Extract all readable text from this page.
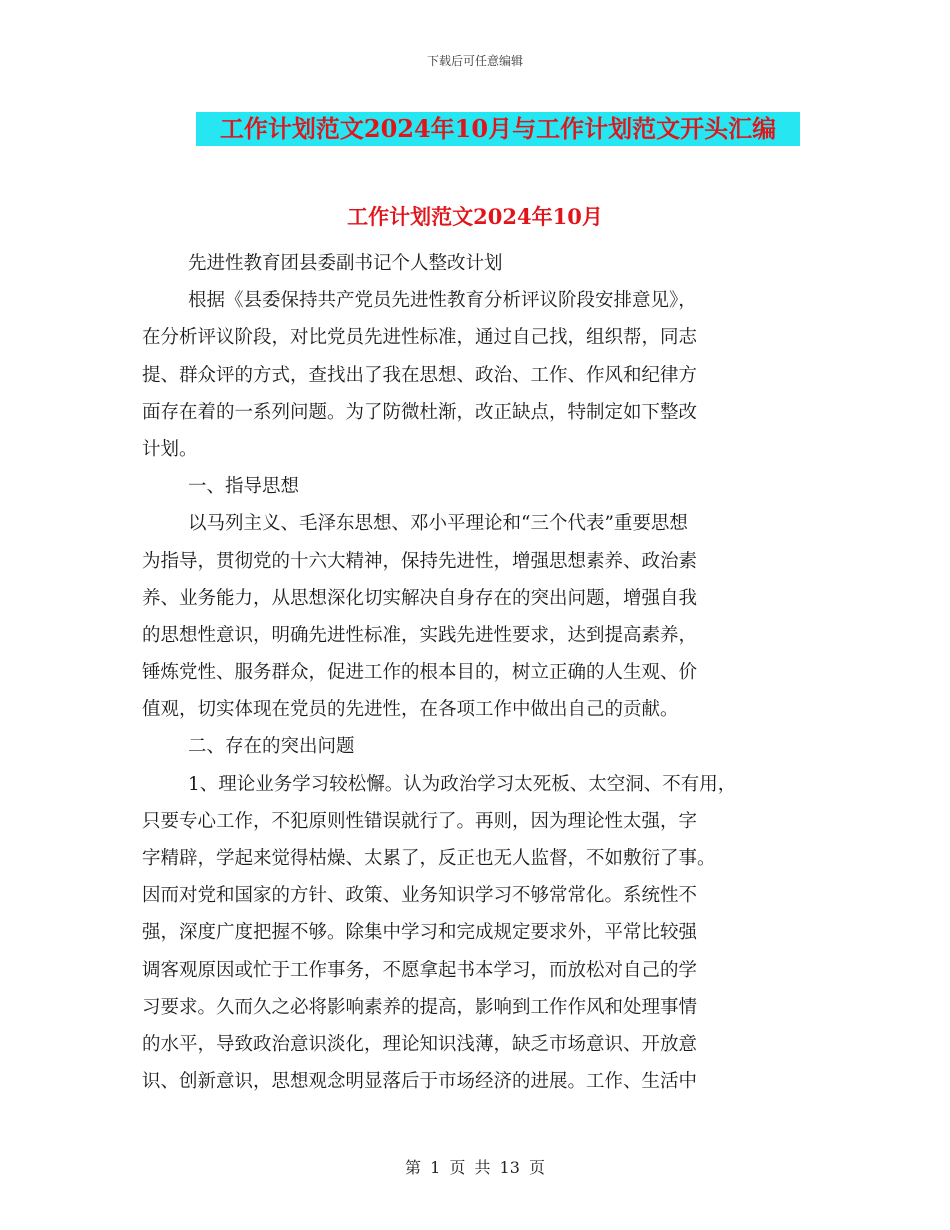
下载后可任意编辑
工作计划范文2024年10月与工作计划范文开头汇编
工作计划范文2024年10月
先进性教育团县委副书记个人整改计划
根据《县委保持共产党员先进性教育分析评议阶段安排意见》，
在分析评议阶段，对比党员先进性标准，通过自己找，组织帮，同志
提、群众评的方式，查找出了我在思想、政治、工作、作风和纪律方
面存在着的一系列问题。为了防微杜渐，改正缺点，特制定如下整改
计划。
一、指导思想
以马列主义、毛泽东思想、邓小平理论和“三个代表”重要思想
为指导，贯彻党的十六大精神，保持先进性，增强思想素养、政治素
养、业务能力，从思想深化切实解决自身存在的突出问题，增强自我
的思想性意识，明确先进性标准，实践先进性要求，达到提高素养，
锤炼党性、服务群众，促进工作的根本目的，树立正确的人生观、价
值观，切实体现在党员的先进性，在各项工作中做出自己的贡献。
二、存在的突出问题
1、理论业务学习较松懈。认为政治学习太死板、太空洞、不有用，
只要专心工作，不犯原则性错误就行了。再则，因为理论性太强，字
字精辟，学起来觉得枯燥、太累了，反正也无人监督，不如敷衍了事。
因而对党和国家的方针、政策、业务知识学习不够常常化。系统性不
强，深度广度把握不够。除集中学习和完成规定要求外，平常比较强
调客观原因或忙于工作事务，不愿拿起书本学习，而放松对自己的学
习要求。久而久之必将影响素养的提高，影响到工作作风和处理事情
的水平，导致政治意识淡化，理论知识浅薄，缺乏市场意识、开放意
识、创新意识，思想观念明显落后于市场经济的进展。工作、生活中
第 1 页 共 13 页
